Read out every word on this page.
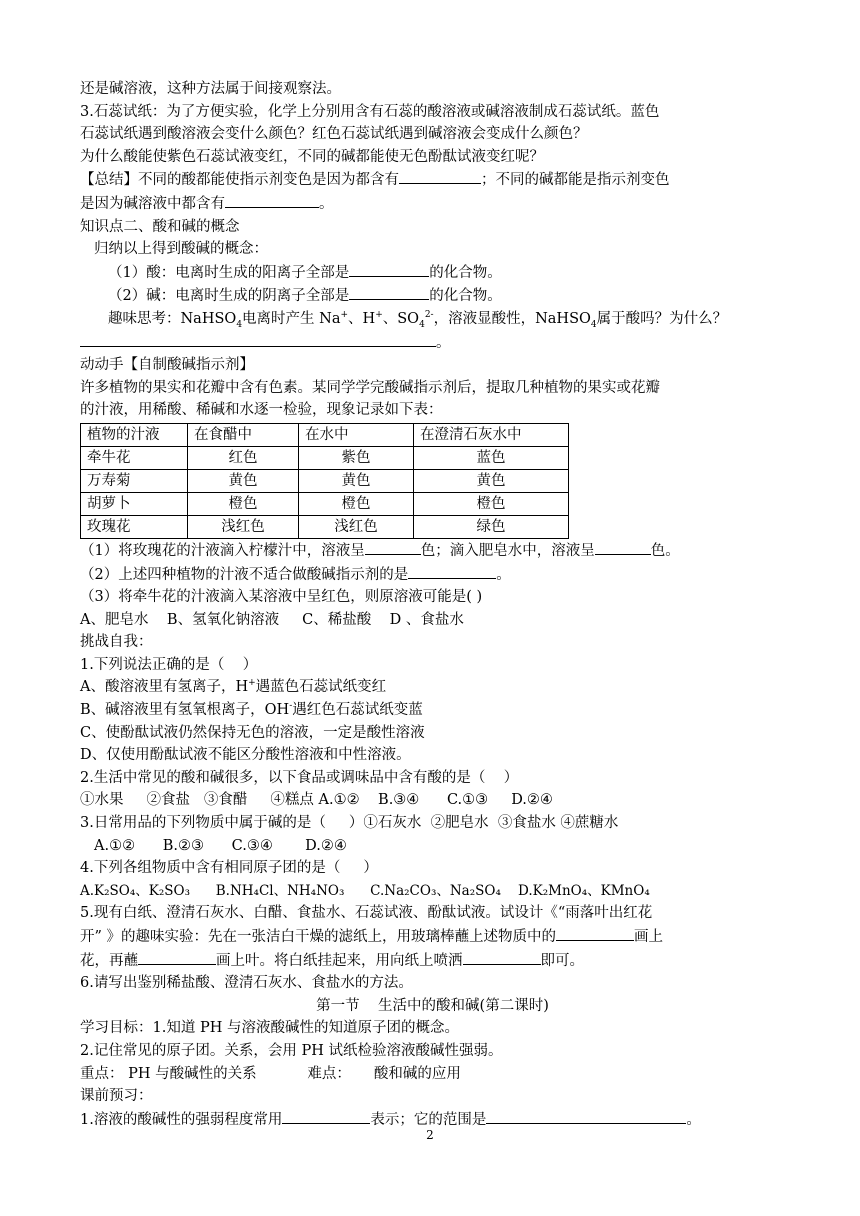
还是碱溶液，这种方法属于间接观察法。
3.石蕊试纸：为了方便实验，化学上分别用含有石蕊的酸溶液或碱溶液制成石蕊试纸。蓝色
石蕊试纸遇到酸溶液会变什么颜色？红色石蕊试纸遇到碱溶液会变成什么颜色？
为什么酸能使紫色石蕊试液变红，不同的碱都能使无色酚酞试液变红呢？
【总结】不同的酸都能使指示剂变色是因为都含有	；不同的碱都能是指示剂变色
是因为碱溶液中都含有	。
知识点二、酸和碱的概念
归纳以上得到酸碱的概念：
（1）酸：电离时生成的阳离子全部是	的化合物。
（2）碱：电离时生成的阴离子全部是	的化合物。
趣味思考：NaHSO$_4$电离时产生 Na+、H+、$SO_4^{2-}$，溶液显酸性，NaHSO$_4$属于酸吗？为什么？
。
动动手【自制酸碱指示剂】
许多植物的果实和花瓣中含有色素。某同学学完酸碱指示剂后，提取几种植物的果实或花瓣
的汁液，用稀酸、稀碱和水逐一检验，现象记录如下表：
植物的汁液	在食醋中	在水中	在澄清石灰水中
牵牛花	红色	紫色	蓝色
万寿菊	黄色	黄色	黄色
胡萝卜	橙色	橙色	橙色
玫瑰花	浅红色	浅红色	绿色
（1）将玫瑰花的汁液滴入柠檬汁中，溶液呈	色；滴入肥皂水中，溶液呈	色。
（2）上述四种植物的汁液不适合做酸碱指示剂的是	。
（3）将牵牛花的汁液滴入某溶液中呈红色，则原溶液可能是( )
A、肥皂水    B、氢氧化钠溶液     C、稀盐酸    D 、食盐水
挑战自我：
1.下列说法正确的是（    ）
A、酸溶液里有氢离子，H+遇蓝色石蕊试纸变红
B、碱溶液里有氢氧根离子，OH-遇红色石蕊试纸变蓝
C、使酚酞试液仍然保持无色的溶液，一定是酸性溶液
D、仅使用酚酞试液不能区分酸性溶液和中性溶液。
2.生活中常见的酸和碱很多，以下食品或调味品中含有酸的是（    ）
①水果     ②食盐   ③食醋     ④糕点 A.①②    B.③④      C.①③     D.②④
3.日常用品的下列物质中属于碱的是（     ）①石灰水  ②肥皂水  ③食盐水 ④蔗糖水
A.①②      B.②③      C.③④       D.②④
4.下列各组物质中含有相同原子团的是（     ）
A.K₂SO₄、K₂SO₃      B.NH₄Cl、NH₄NO₃      C.Na₂CO₃、Na₂SO₄    D.K₂MnO₄、KMnO₄
5.现有白纸、澄清石灰水、白醋、食盐水、石蕊试液、酚酞试液。试设计《“雨落叶出红花
开” 》的趣味实验：先在一张洁白干燥的滤纸上，用玻璃棒蘸上述物质中的	画上
花，再蘸	画上叶。将白纸挂起来，用向纸上喷洒	即可。
6.请写出鉴别稀盐酸、澄清石灰水、食盐水的方法。
第一节    生活中的酸和碱(第二课时)
学习目标：1.知道 PH 与溶液酸碱性的知道原子团的概念。
2.记住常见的原子团。关系，会用 PH 试纸检验溶液酸碱性强弱。
重点： PH 与酸碱性的关系           难点：     酸和碱的应用
课前预习：
1.溶液的酸碱性的强弱程度常用	表示；它的范围是	。
2
